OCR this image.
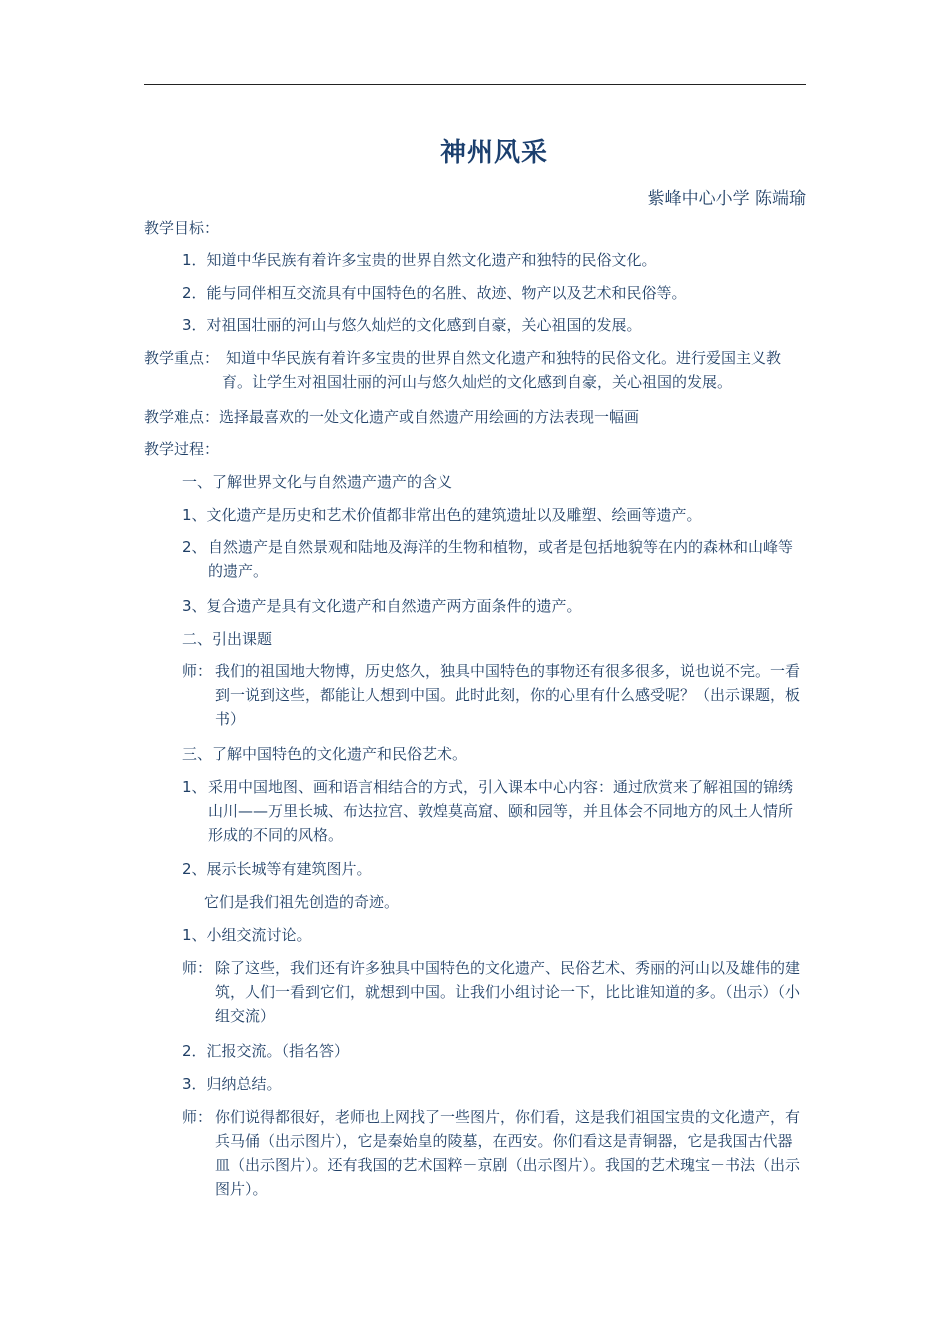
神州风采
紫峰中心小学 陈端瑜
教学目标：
1．知道中华民族有着许多宝贵的世界自然文化遗产和独特的民俗文化。
2．能与同伴相互交流具有中国特色的名胜、故迹、物产以及艺术和民俗等。
3．对祖国壮丽的河山与悠久灿烂的文化感到自豪，关心祖国的发展。
教学重点： 知道中华民族有着许多宝贵的世界自然文化遗产和独特的民俗文化。进行爱国主义教育。让学生对祖国壮丽的河山与悠久灿烂的文化感到自豪，关心祖国的发展。
教学难点：选择最喜欢的一处文化遗产或自然遗产用绘画的方法表现一幅画
教学过程：
一、了解世界文化与自然遗产遗产的含义
1、文化遗产是历史和艺术价值都非常出色的建筑遗址以及雕塑、绘画等遗产。
2、 自然遗产是自然景观和陆地及海洋的生物和植物，或者是包括地貌等在内的森林和山峰等的遗产。
3、复合遗产是具有文化遗产和自然遗产两方面条件的遗产。
二、引出课题
师： 我们的祖国地大物博，历史悠久，独具中国特色的事物还有很多很多，说也说不完。一看到一说到这些，都能让人想到中国。此时此刻，你的心里有什么感受呢？（出示课题，板书）
三、了解中国特色的文化遗产和民俗艺术。
1、 采用中国地图、画和语言相结合的方式，引入课本中心内容：通过欣赏来了解祖国的锦绣山川——万里长城、布达拉宫、敦煌莫高窟、颐和园等，并且体会不同地方的风土人情所形成的不同的风格。
2、展示长城等有建筑图片。
它们是我们祖先创造的奇迹。
1、小组交流讨论。
师： 除了这些，我们还有许多独具中国特色的文化遗产、民俗艺术、秀丽的河山以及雄伟的建筑，人们一看到它们，就想到中国。让我们小组讨论一下，比比谁知道的多。（出示）（小组交流）
2．汇报交流。（指名答）
3．归纳总结。
师： 你们说得都很好，老师也上网找了一些图片，你们看，这是我们祖国宝贵的文化遗产，有兵马俑（出示图片），它是秦始皇的陵墓，在西安。你们看这是青铜器，它是我国古代器皿（出示图片）。还有我国的艺术国粹－京剧（出示图片）。我国的艺术瑰宝－书法（出示图片）。
